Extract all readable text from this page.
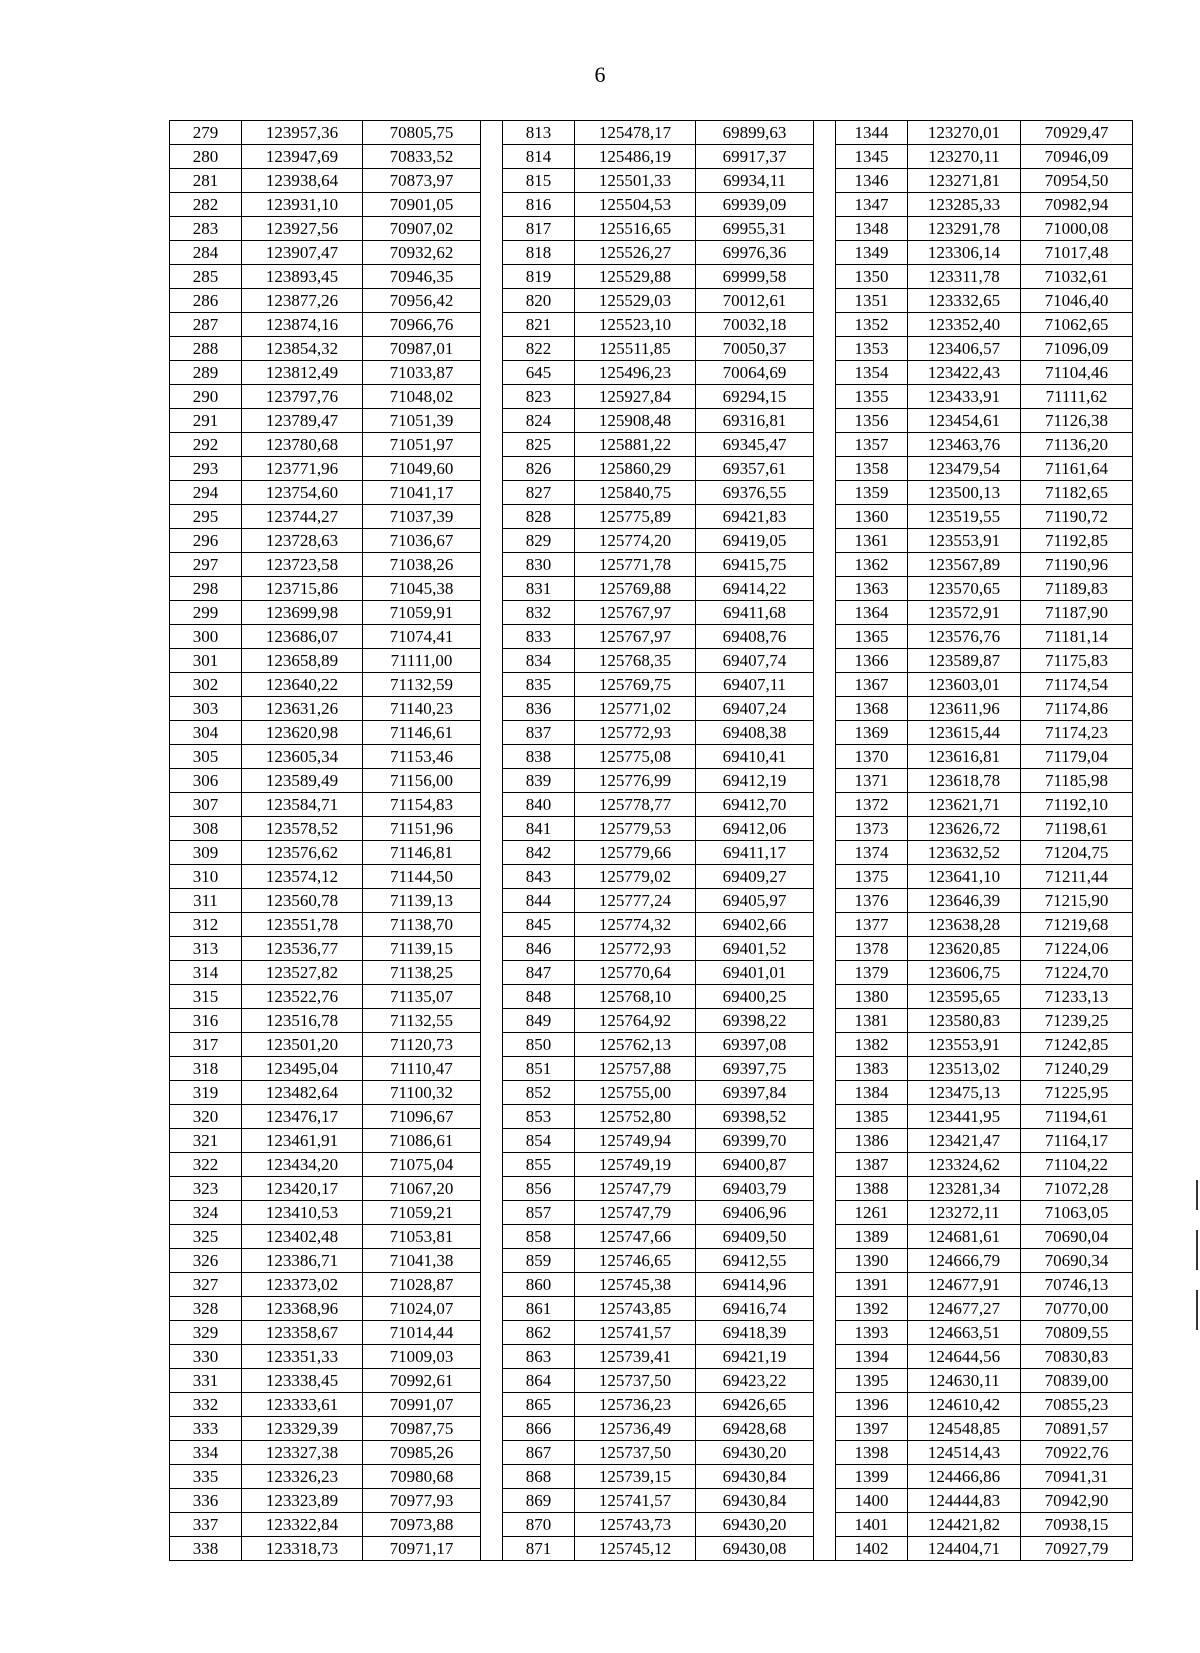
6
279	123957,36	70805,75		813	125478,17	69899,63		1344	123270,01	70929,47
280	123947,69	70833,52		814	125486,19	69917,37		1345	123270,11	70946,09
281	123938,64	70873,97		815	125501,33	69934,11		1346	123271,81	70954,50
282	123931,10	70901,05		816	125504,53	69939,09		1347	123285,33	70982,94
283	123927,56	70907,02		817	125516,65	69955,31		1348	123291,78	71000,08
284	123907,47	70932,62		818	125526,27	69976,36		1349	123306,14	71017,48
285	123893,45	70946,35		819	125529,88	69999,58		1350	123311,78	71032,61
286	123877,26	70956,42		820	125529,03	70012,61		1351	123332,65	71046,40
287	123874,16	70966,76		821	125523,10	70032,18		1352	123352,40	71062,65
288	123854,32	70987,01		822	125511,85	70050,37		1353	123406,57	71096,09
289	123812,49	71033,87		645	125496,23	70064,69		1354	123422,43	71104,46
290	123797,76	71048,02		823	125927,84	69294,15		1355	123433,91	71111,62
291	123789,47	71051,39		824	125908,48	69316,81		1356	123454,61	71126,38
292	123780,68	71051,97		825	125881,22	69345,47		1357	123463,76	71136,20
293	123771,96	71049,60		826	125860,29	69357,61		1358	123479,54	71161,64
294	123754,60	71041,17		827	125840,75	69376,55		1359	123500,13	71182,65
295	123744,27	71037,39		828	125775,89	69421,83		1360	123519,55	71190,72
296	123728,63	71036,67		829	125774,20	69419,05		1361	123553,91	71192,85
297	123723,58	71038,26		830	125771,78	69415,75		1362	123567,89	71190,96
298	123715,86	71045,38		831	125769,88	69414,22		1363	123570,65	71189,83
299	123699,98	71059,91		832	125767,97	69411,68		1364	123572,91	71187,90
300	123686,07	71074,41		833	125767,97	69408,76		1365	123576,76	71181,14
301	123658,89	71111,00		834	125768,35	69407,74		1366	123589,87	71175,83
302	123640,22	71132,59		835	125769,75	69407,11		1367	123603,01	71174,54
303	123631,26	71140,23		836	125771,02	69407,24		1368	123611,96	71174,86
304	123620,98	71146,61		837	125772,93	69408,38		1369	123615,44	71174,23
305	123605,34	71153,46		838	125775,08	69410,41		1370	123616,81	71179,04
306	123589,49	71156,00		839	125776,99	69412,19		1371	123618,78	71185,98
307	123584,71	71154,83		840	125778,77	69412,70		1372	123621,71	71192,10
308	123578,52	71151,96		841	125779,53	69412,06		1373	123626,72	71198,61
309	123576,62	71146,81		842	125779,66	69411,17		1374	123632,52	71204,75
310	123574,12	71144,50		843	125779,02	69409,27		1375	123641,10	71211,44
311	123560,78	71139,13		844	125777,24	69405,97		1376	123646,39	71215,90
312	123551,78	71138,70		845	125774,32	69402,66		1377	123638,28	71219,68
313	123536,77	71139,15		846	125772,93	69401,52		1378	123620,85	71224,06
314	123527,82	71138,25		847	125770,64	69401,01		1379	123606,75	71224,70
315	123522,76	71135,07		848	125768,10	69400,25		1380	123595,65	71233,13
316	123516,78	71132,55		849	125764,92	69398,22		1381	123580,83	71239,25
317	123501,20	71120,73		850	125762,13	69397,08		1382	123553,91	71242,85
318	123495,04	71110,47		851	125757,88	69397,75		1383	123513,02	71240,29
319	123482,64	71100,32		852	125755,00	69397,84		1384	123475,13	71225,95
320	123476,17	71096,67		853	125752,80	69398,52		1385	123441,95	71194,61
321	123461,91	71086,61		854	125749,94	69399,70		1386	123421,47	71164,17
322	123434,20	71075,04		855	125749,19	69400,87		1387	123324,62	71104,22
323	123420,17	71067,20		856	125747,79	69403,79		1388	123281,34	71072,28
324	123410,53	71059,21		857	125747,79	69406,96		1261	123272,11	71063,05
325	123402,48	71053,81		858	125747,66	69409,50		1389	124681,61	70690,04
326	123386,71	71041,38		859	125746,65	69412,55		1390	124666,79	70690,34
327	123373,02	71028,87		860	125745,38	69414,96		1391	124677,91	70746,13
328	123368,96	71024,07		861	125743,85	69416,74		1392	124677,27	70770,00
329	123358,67	71014,44		862	125741,57	69418,39		1393	124663,51	70809,55
330	123351,33	71009,03		863	125739,41	69421,19		1394	124644,56	70830,83
331	123338,45	70992,61		864	125737,50	69423,22		1395	124630,11	70839,00
332	123333,61	70991,07		865	125736,23	69426,65		1396	124610,42	70855,23
333	123329,39	70987,75		866	125736,49	69428,68		1397	124548,85	70891,57
334	123327,38	70985,26		867	125737,50	69430,20		1398	124514,43	70922,76
335	123326,23	70980,68		868	125739,15	69430,84		1399	124466,86	70941,31
336	123323,89	70977,93		869	125741,57	69430,84		1400	124444,83	70942,90
337	123322,84	70973,88		870	125743,73	69430,20		1401	124421,82	70938,15
338	123318,73	70971,17		871	125745,12	69430,08		1402	124404,71	70927,79
